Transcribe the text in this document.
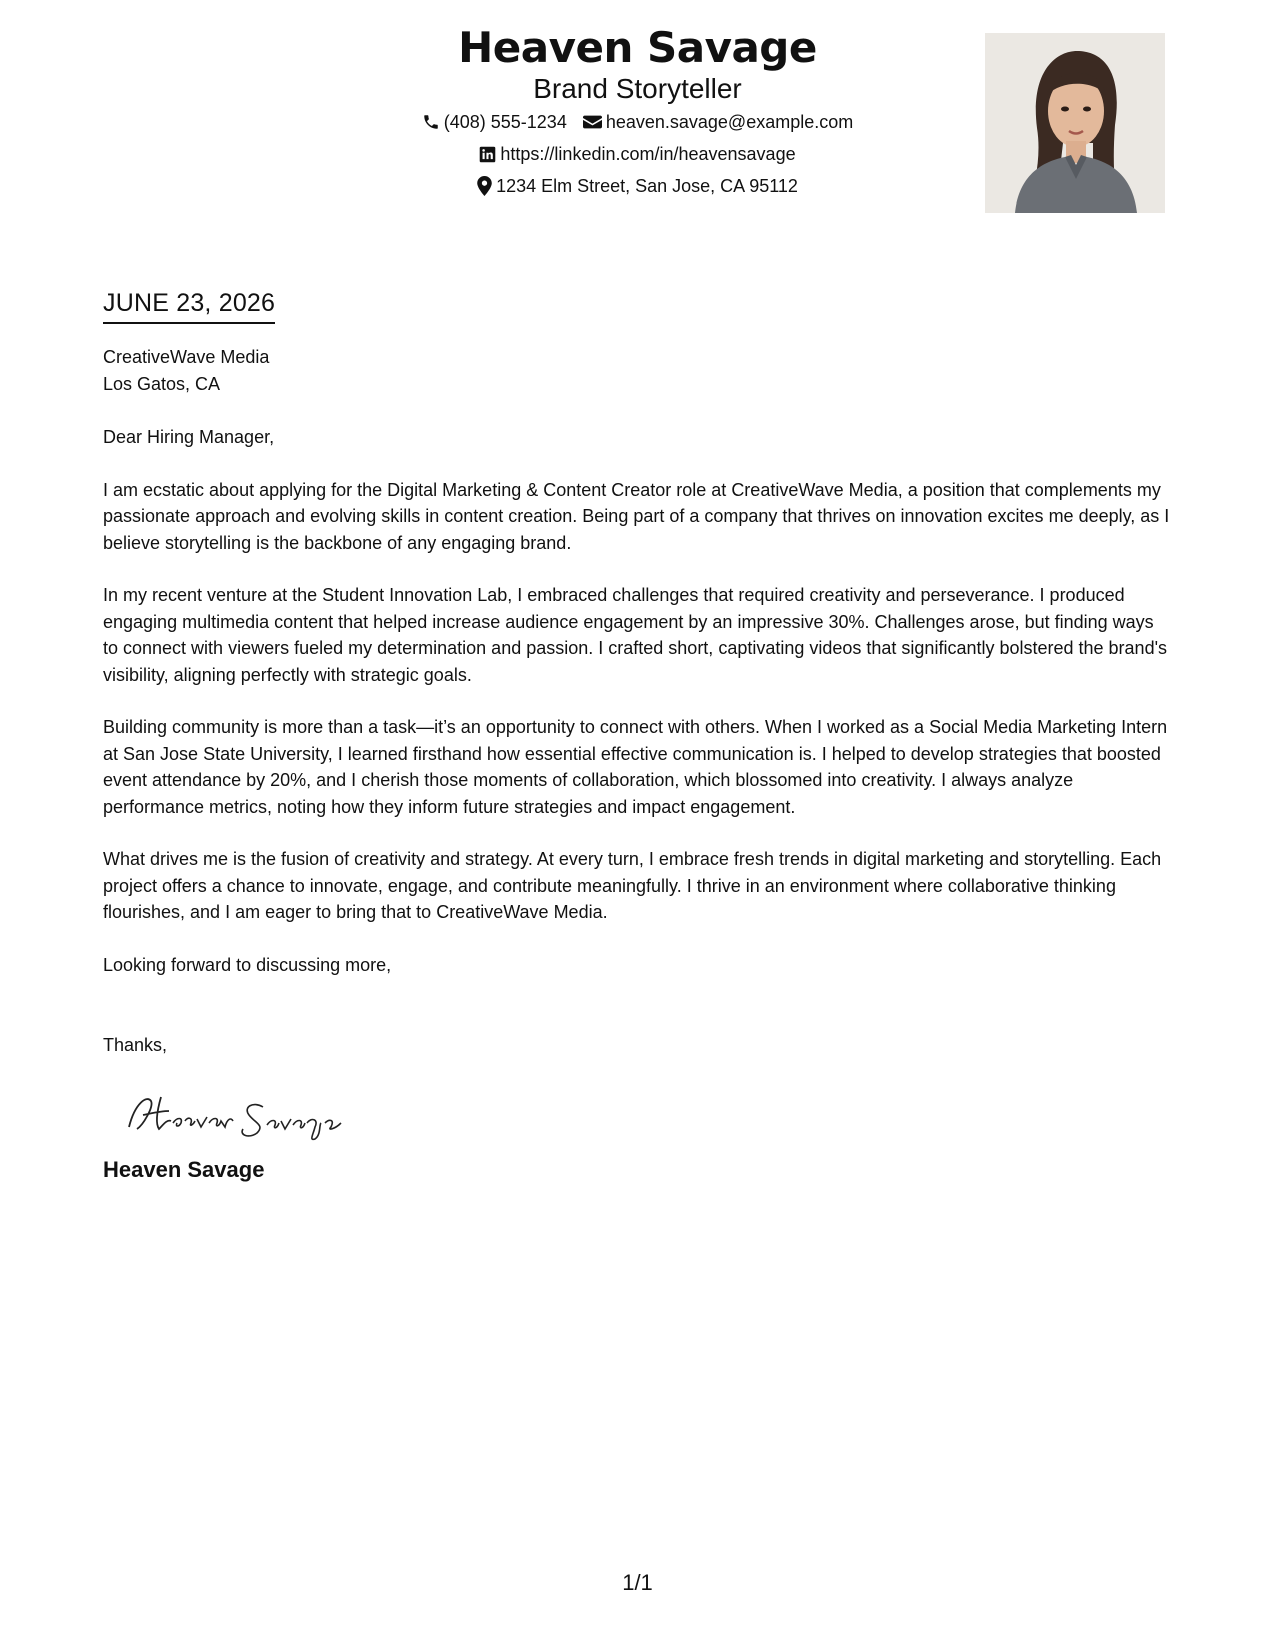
Heaven Savage
Brand Storyteller
(408) 555-1234 heaven.savage@example.com
https://linkedin.com/in/heavensavage
1234 Elm Street, San Jose, CA 95112
JUNE 23, 2026
CreativeWave Media
Los Gatos, CA

Dear Hiring Manager,

I am ecstatic about applying for the Digital Marketing & Content Creator role at CreativeWave Media, a position that complements my passionate approach and evolving skills in content creation. Being part of a company that thrives on innovation excites me deeply, as I believe storytelling is the backbone of any engaging brand.

In my recent venture at the Student Innovation Lab, I embraced challenges that required creativity and perseverance. I produced engaging multimedia content that helped increase audience engagement by an impressive 30%. Challenges arose, but finding ways to connect with viewers fueled my determination and passion. I crafted short, captivating videos that significantly bolstered the brand's visibility, aligning perfectly with strategic goals.

Building community is more than a task—it’s an opportunity to connect with others. When I worked as a Social Media Marketing Intern at San Jose State University, I learned firsthand how essential effective communication is. I helped to develop strategies that boosted event attendance by 20%, and I cherish those moments of collaboration, which blossomed into creativity. I always analyze performance metrics, noting how they inform future strategies and impact engagement.

What drives me is the fusion of creativity and strategy. At every turn, I embrace fresh trends in digital marketing and storytelling. Each project offers a chance to innovate, engage, and contribute meaningfully. I thrive in an environment where collaborative thinking flourishes, and I am eager to bring that to CreativeWave Media.

Looking forward to discussing more,

Thanks,

Heaven Savage
1/1
